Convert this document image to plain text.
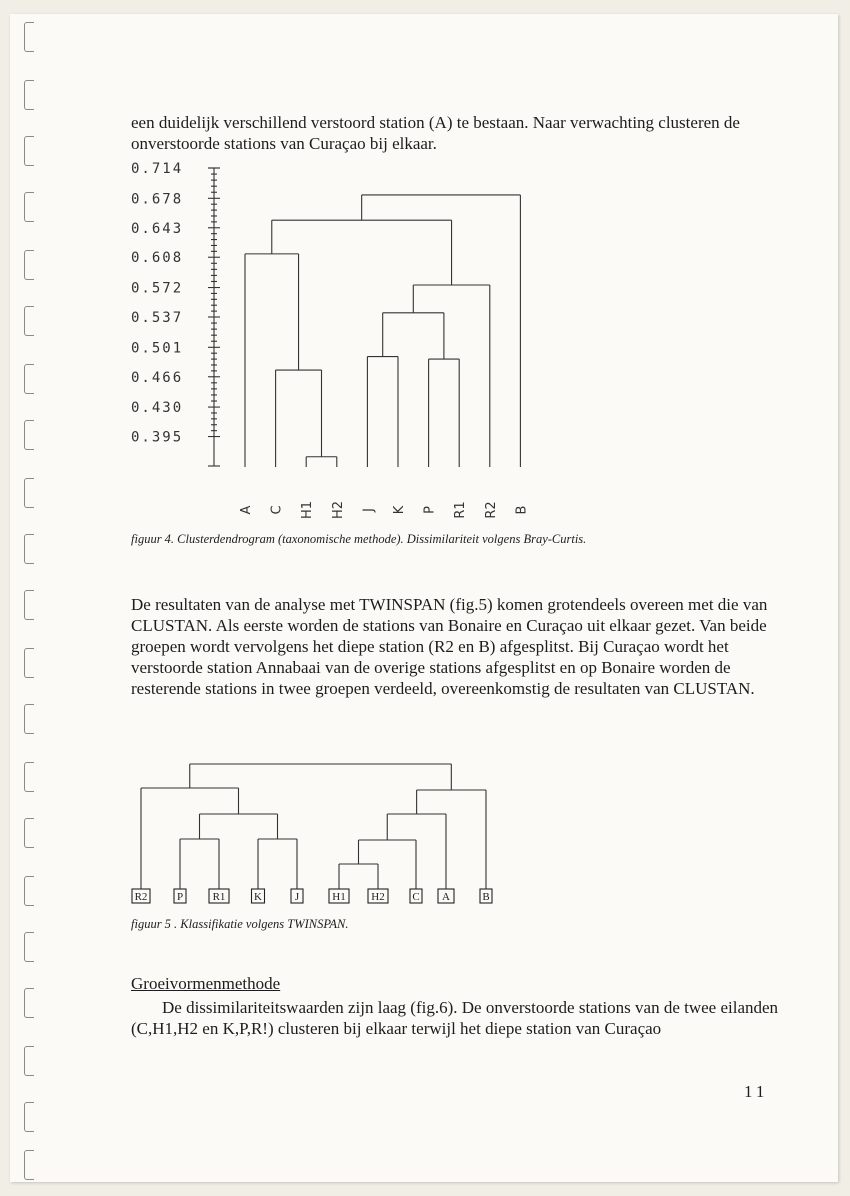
een duidelijk verschillend verstoord station (A) te bestaan. Naar verwachting clusteren de onverstoorde stations van Curaçao bij elkaar.

0.714
0.678
0.643
0.608
0.572
0.537
0.501
0.466
0.430
0.395
A C H1 H2 J K P R1 R2 B

figuur 4. Clusterdendrogram (taxonomische methode). Dissimilariteit volgens Bray-Curtis.

De resultaten van de analyse met TWINSPAN (fig.5) komen grotendeels overeen met die van CLUSTAN. Als eerste worden de stations van Bonaire en Curaçao uit elkaar gezet. Van beide groepen wordt vervolgens het diepe station (R2 en B) afgesplitst. Bij Curaçao wordt het verstoorde station Annabaai van de overige stations afgesplitst en op Bonaire worden de resterende stations in twee groepen verdeeld, overeenkomstig de resultaten van CLUSTAN.

R2	P	R1	K	J	H1 H2	C A	B

figuur 5 . Klassifikatie volgens TWINSPAN.

Groeivormenmethode

De dissimilariteitswaarden zijn laag (fig.6). De onverstoorde stations van de twee eilanden (C,H1,H2 en K,P,R!) clusteren bij elkaar terwijl het diepe station van Curaçao

11
